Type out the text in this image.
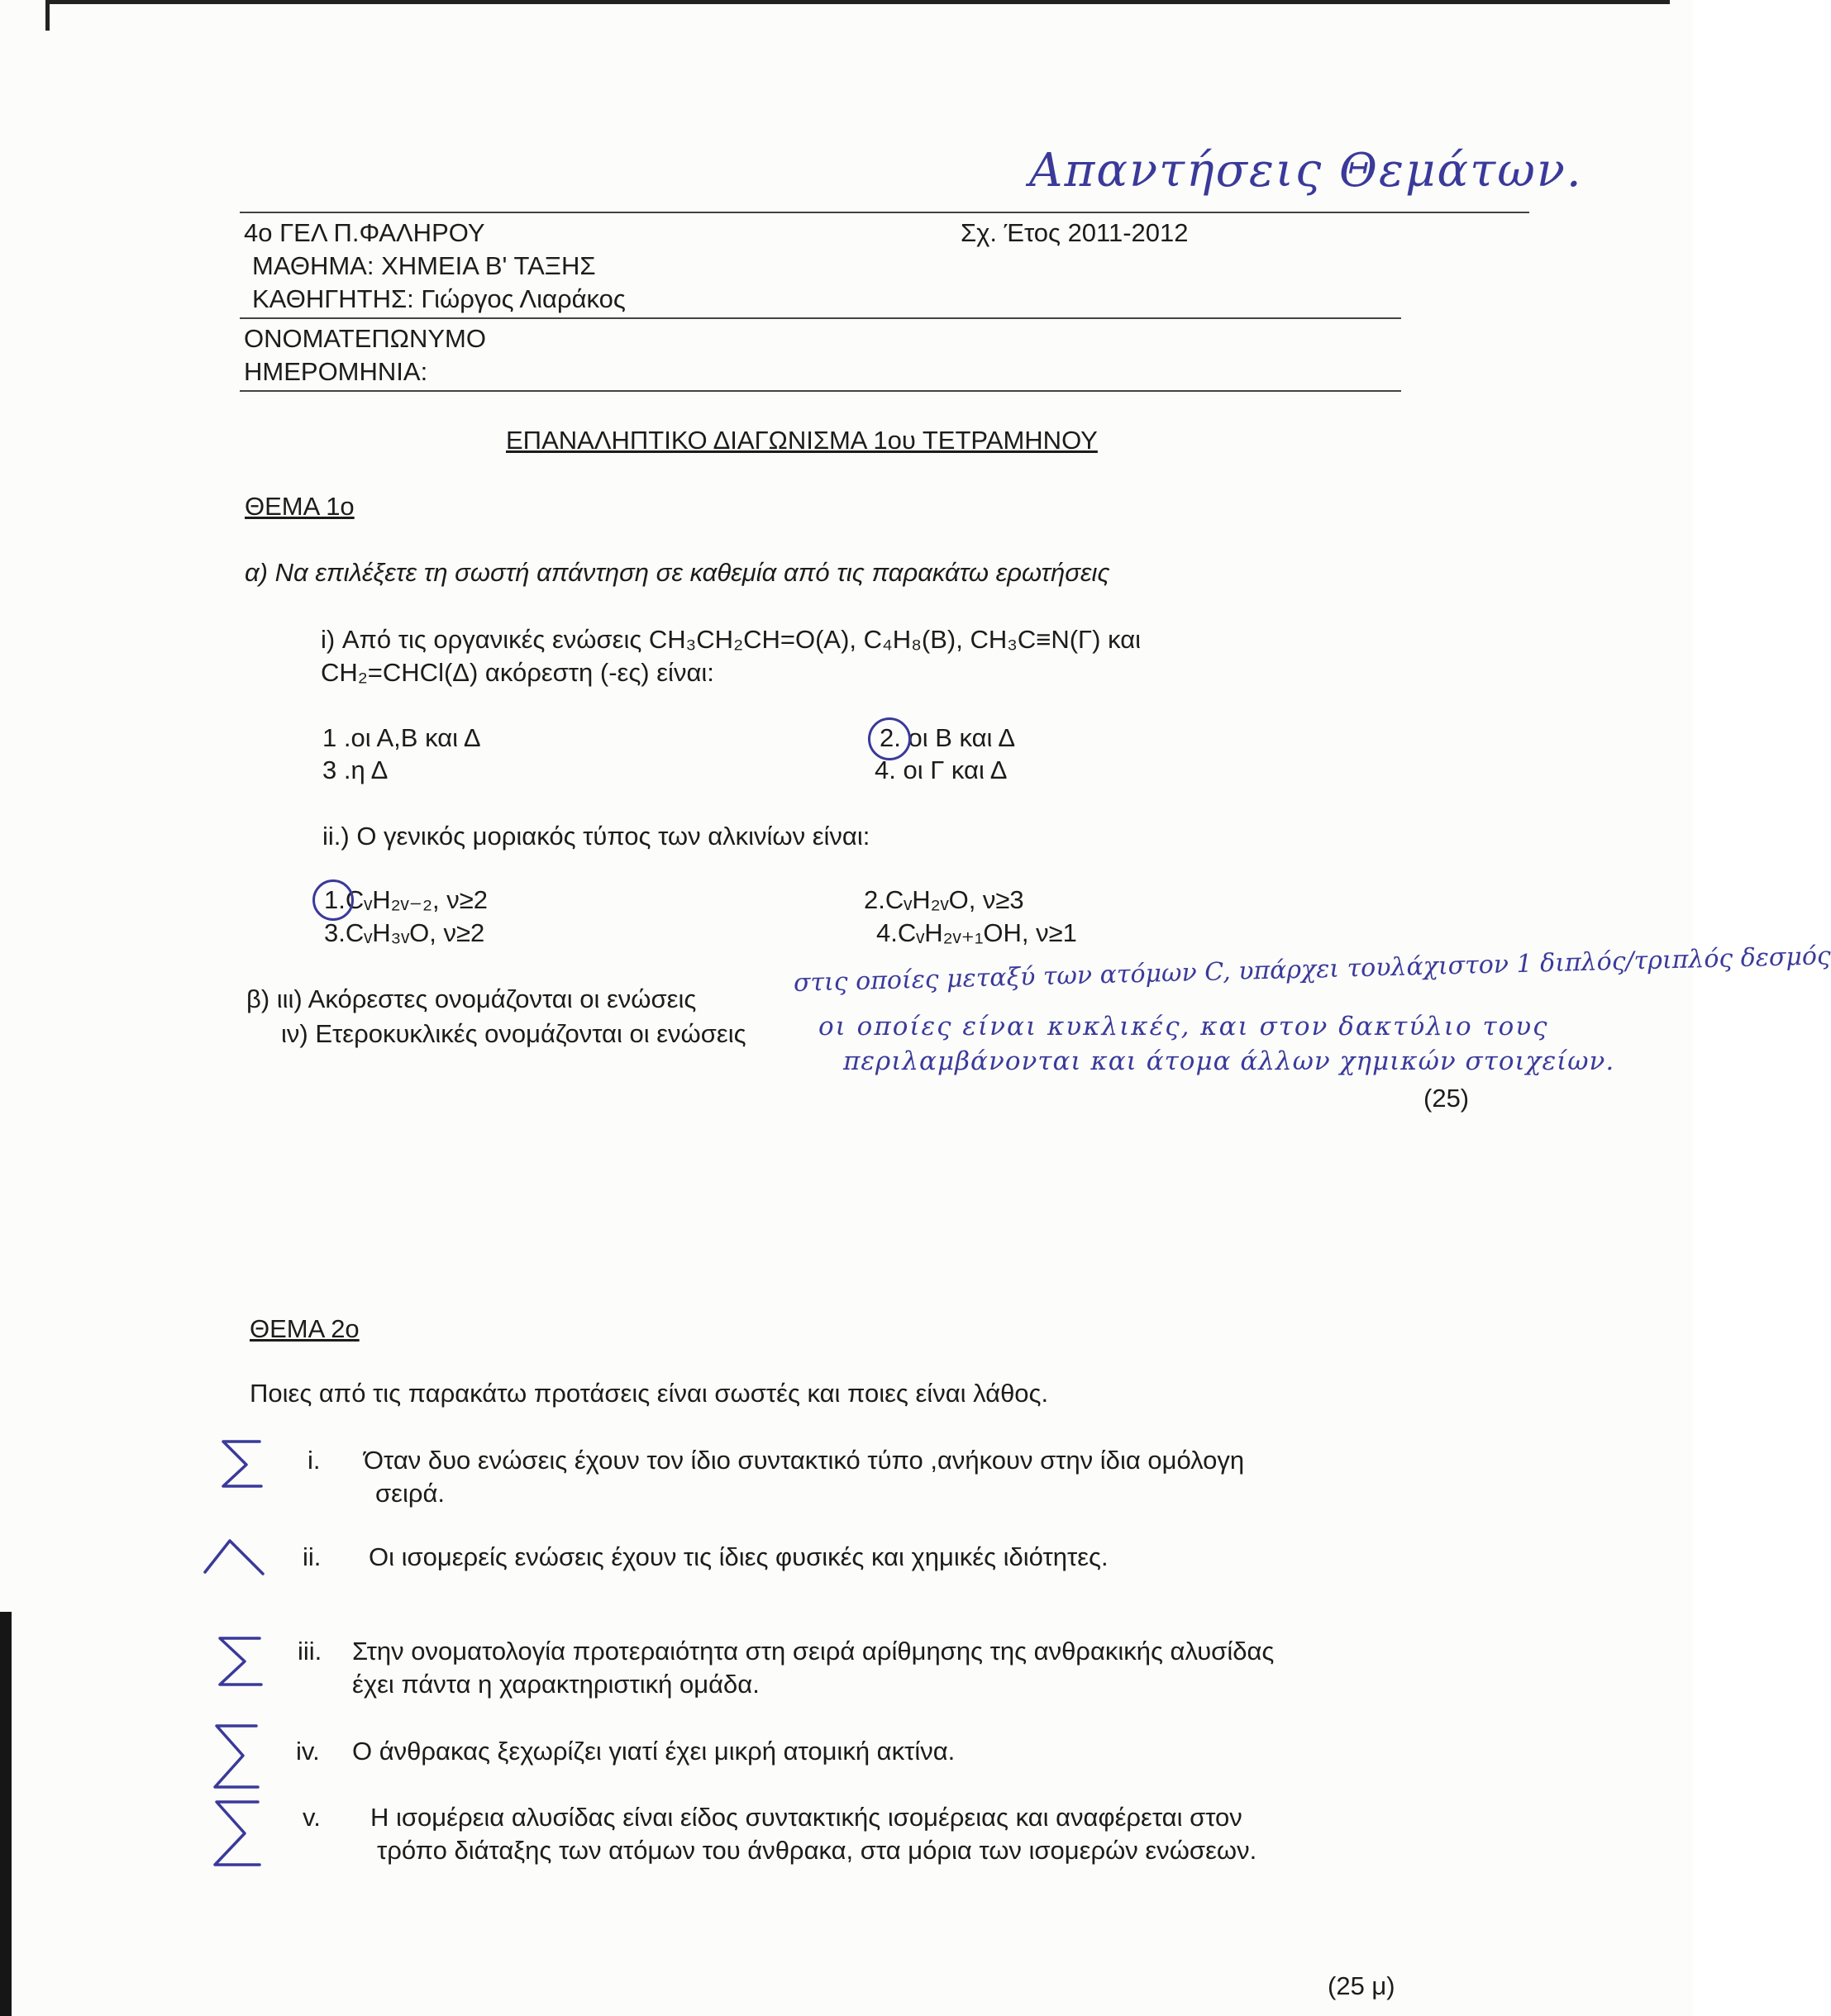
Απαντήσεις Θεμάτων.
4ο ΓΕΛ Π.ΦΑΛΗΡΟΥ	Σχ. Έτος 2011-2012
ΜΑΘΗΜΑ: ΧΗΜΕΙΑ Β' ΤΑΞΗΣ
ΚΑΘΗΓΗΤΗΣ: Γιώργος Λιαράκος
ΟΝΟΜΑΤΕΠΩΝΥΜΟ
ΗΜΕΡΟΜΗΝΙΑ:
ΕΠΑΝΑΛΗΠΤΙΚΟ ΔΙΑΓΩΝΙΣΜΑ 1ου ΤΕΤΡΑΜΗΝΟΥ
ΘΕΜΑ 1ο
α) Να επιλέξετε τη σωστή απάντηση σε καθεμία από τις παρακάτω ερωτήσεις
i) Από τις οργανικές ενώσεις CH₃CH₂CH=O(Α), C₄H₈(Β), CH₃C≡N(Γ) και
CH₂=CHCl(Δ) ακόρεστη (-ες) είναι:
1 .οι Α,Β και Δ	2. οι Β και Δ
3 .η Δ	4. οι Γ και Δ
ii.) Ο γενικός μοριακός τύπος των αλκινίων είναι:
1.CᵥH₂ᵥ₋₂, ν≥2	2.CᵥH₂ᵥO, ν≥3
3.CᵥH₃ᵥO, ν≥2	4.CᵥH₂ᵥ₊₁OH, ν≥1
β) ιιι) Ακόρεστες ονομάζονται οι ενώσεις
στις οποίες μεταξύ των ατόμων C, υπάρχει τουλάχιστον 1 διπλός/τριπλός δεσμός
ιν) Ετεροκυκλικές ονομάζονται οι ενώσεις	οι οποίες είναι κυκλικές, και στον δακτύλιο τους
περιλαμβάνονται και άτομα άλλων χημικών στοιχείων.
(25)
ΘΕΜΑ 2ο
Ποιες από τις παρακάτω προτάσεις είναι σωστές και ποιες είναι λάθος.
i. Όταν δυο ενώσεις έχουν τον ίδιο συντακτικό τύπο ,ανήκουν στην ίδια ομόλογη
σειρά.
ii. Οι ισομερείς ενώσεις έχουν τις ίδιες φυσικές και χημικές ιδιότητες.
iii. Στην ονοματολογία προτεραιότητα στη σειρά αρίθμησης της ανθρακικής αλυσίδας
έχει πάντα η χαρακτηριστική ομάδα.
iv. Ο άνθρακας ξεχωρίζει γιατί έχει μικρή ατομική ακτίνα.
v. Η ισομέρεια αλυσίδας είναι είδος συντακτικής ισομέρειας και αναφέρεται στον
τρόπο διάταξης των ατόμων του άνθρακα, στα μόρια των ισομερών ενώσεων.
(25 μ)
